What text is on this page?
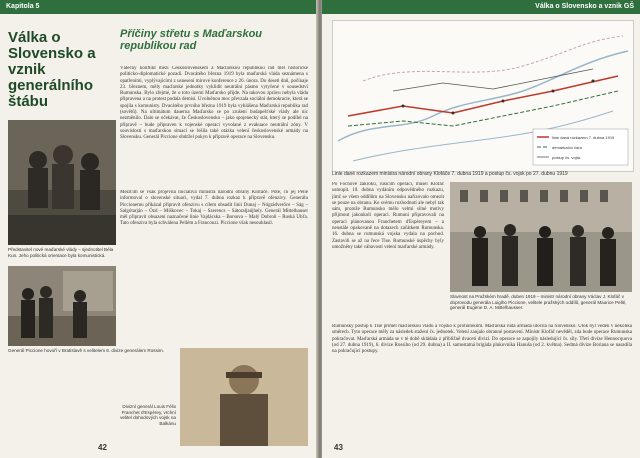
Kapitola 5
Válka o Slovensko a vznik generálního štábu
Příčiny střetu s Maďarskou republikou rad
Válečný konflikt mezi Československem a Maďarskou republikou rad měl historické politicko-diplomatické pozadí. Dvacátého března 1919 byla maďarská vláda seznámena s opatřeními, vyplývajícími z usnesení mírové konference z 26. února. Do deseti dnů, počínaje 23. březnem, měly maďarské jednotky vyklidit neutrální pásmo vytyčené v sousedství Rumunska. Bylo zřejmé, že o toto území Maďarsko přijde. Na takovou zprávu nebyla vláda připravena a na protest podala demisi. Uvolněnou moc převzala sociální demokracie, která se spojila s komunisty. Dvacátého prvního března 1919 byla vyhlášena Maďarská republika rad (sovětů). Na ultimátum dauerna Maďarsko se po zrušení budapešťské vlády ale nic nezměnilo. Dalo se očekávat, že Československo – jako spojenecký stát, který se podílel na přípravě – bude připraven k vojenské operaci vyvolané z evakuace neutrální zóny. V souvislosti s maďarskou situací se řešila také otázka velení československé armády na Slovensku. Generál Piccione obdržel pokyn k přípravě operace na Slovensku.
Meziťím se však projevila iniciativa ministra národní obrany Klofáče. Poté, co jej Pellé informoval o slovenské situaci, vydal 7. dubna rozkaz k přípravě ofenzivy. Generálu Piccionemu přikázal připravit ofenzivu s cílem obsadit linii Dunaj – Nógrádverőce – Ság – Salgótarján – Ózd – Miškovec – Tokaj – Szerencs – Sátoraljaújhely. Generál Mittelhauser měl připravit obsazení naznačené linie Vajdácska – Borsova – Malý Dobroň – Ruská Ubľa. Tato ofenziva byla schválena Pellém a Francouzi. Piccione však nesouhlasil.
Představitel nové maďarské vlády – sjednotitel Béla Kun. Jeho politická orientace byla komunistická.
Generál Piccione hovoří v Bratislavě s velitelem 6. divize generálem Rossim.
Divizní generál Louis Félix Franchet d'Espèrey, vrchní velitel dohodových vojsk na Balkánu
42
Válka o Slovensko a vznik GŠ
linie daná rozkazem 7. dubna 1919
demarkační čára
postup čs. vojsk
Linie dané rozkazem ministra národní obrany Klofáče 7. dubna 1919 a postup čs. vojsk po 27. dubnu 1919
Po Fochově zákroku, rušícím operaci, musel Klofáč ustoupit. 10. dubna vydáním odpovědného rozkazu, jímž se všem oddílům na Slovensku nařizovalo omezit se pouze na obranu. Ke svému rozhodnutí ale nebyl tak sám, protože Rumunsko mělo velmi silné motivy přijmout jakoukoli operaci. Rumuni připravovali na operaci plánovanou Franchetem d'Espèreyem – a neustále opakovaně na dotazech začátkem Rumunska. 16. dubna se rumunská vojska vydala na pochod. Zastavili se až na řece Tise. Rumunské úspěchy byly umožněny také váhavostí velení maďarské armády.
Slavnost na Pražském hradě, duben 1919 – ministr národní obrany Václav J. Klofáč v doprovodu generála Luigiho Piccione, velitele pražských oddílů, generál Maurice Pellé, generál Eugène D. A. Mittelhausser.
Rumunský postup k Tise přiměl maďarskou vládu a vojsko k protiútokům. Maďarská rudá armáda útočila na Slovensko. Útok byl veden v několika směrech. Tyto operace měly za následek stažení čs. jednotek. Velení zaujalo obranné postavení. Ministr Klofáč nevěděl, zda bude operace Rumunska pokračovat. Maďarská armáda se v té době skládala z přibližně dvaceti divizí. Do operace se zapojily následující čs. síly. Třetí divize Hennocquova (od 27. dubna 1919), 6. divize Rossiho (od 29. dubna) a II. samostatná brigáda plukovníka Hanuša (od 2. května). Sedmá divize Boriana se nasadila na pokračující postupy.
43
